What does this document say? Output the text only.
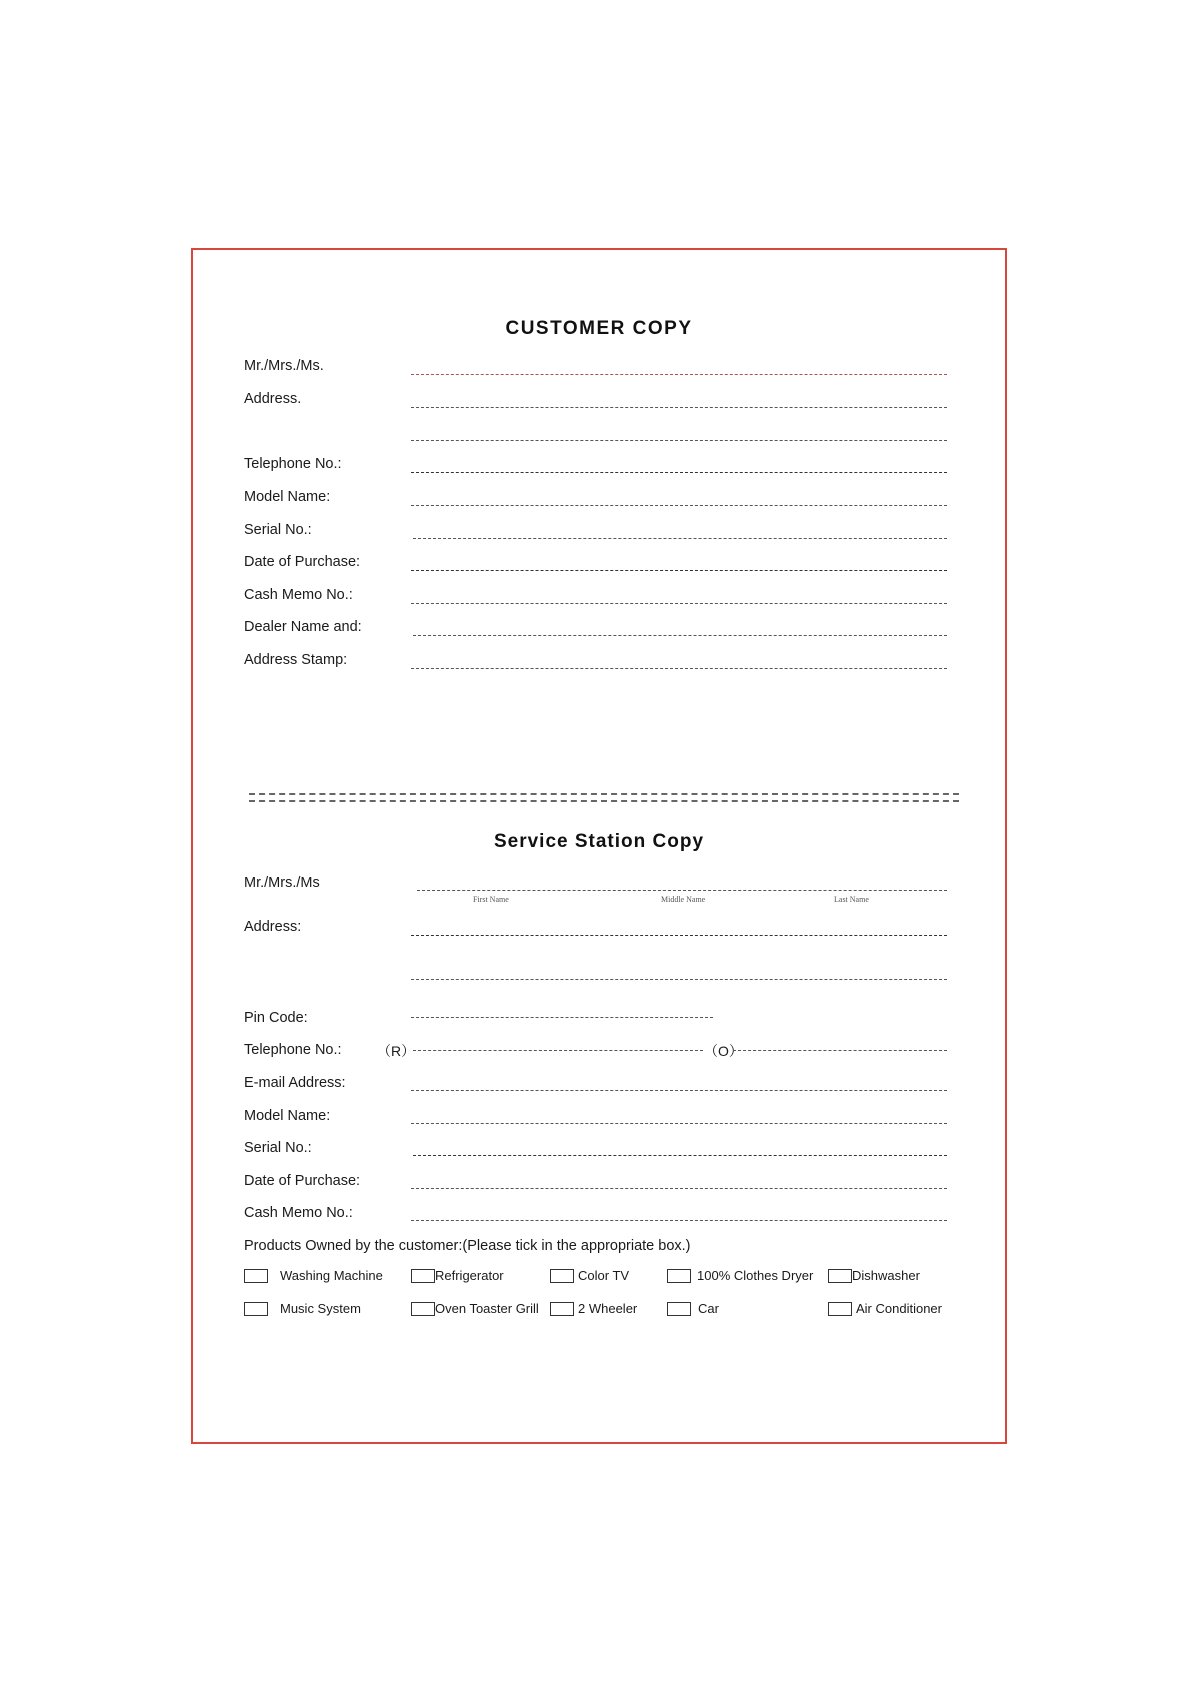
CUSTOMER COPY
Mr./Mrs./Ms.
Address.
Telephone No.:
Model Name:
Serial No.:
Date of Purchase:
Cash Memo No.:
Dealer Name and:
Address Stamp:
Service Station Copy
Mr./Mrs./Ms
First Name	Middle Name	Last Name
Address:
Pin Code:
Telephone No.:	（R）	（O）
E-mail Address:
Model Name:
Serial No.:
Date of Purchase:
Cash Memo No.:
Products Owned by the customer:(Please tick in the appropriate box.)
Washing Machine	Refrigerator	Color TV	100% Clothes Dryer	Dishwasher
Music System	Oven Toaster Grill	2 Wheeler	Car	Air Conditioner
